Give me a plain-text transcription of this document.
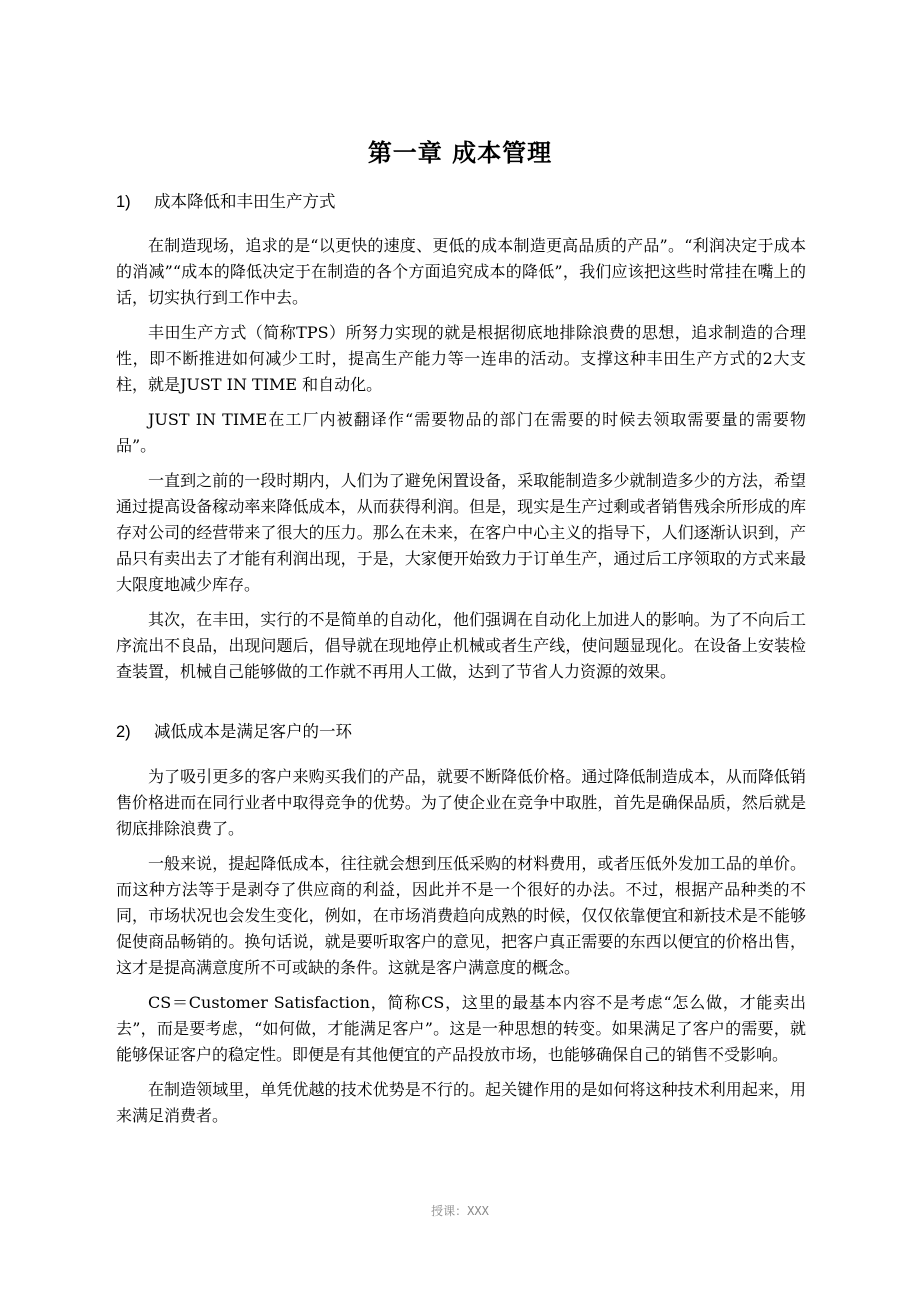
第一章 成本管理
1) 成本降低和丰田生产方式

在制造现场，追求的是“以更快的速度、更低的成本制造更高品质的产品”。“利润决定于成本的消减”“成本的降低决定于在制造的各个方面追究成本的降低”，我们应该把这些时常挂在嘴上的话，切实执行到工作中去。

丰田生产方式（简称TPS）所努力实现的就是根据彻底地排除浪费的思想，追求制造的合理性，即不断推进如何减少工时，提高生产能力等一连串的活动。支撑这种丰田生产方式的2大支柱，就是JUST IN TIME 和自动化。

JUST IN TIME在工厂内被翻译作“需要物品的部门在需要的时候去领取需要量的需要物品”。

一直到之前的一段时期内，人们为了避免闲置设备，采取能制造多少就制造多少的方法，希望通过提高设备稼动率来降低成本，从而获得利润。但是，现实是生产过剩或者销售残余所形成的库存对公司的经营带来了很大的压力。那么在未来，在客户中心主义的指导下，人们逐渐认识到，产品只有卖出去了才能有利润出现，于是，大家便开始致力于订单生产，通过后工序领取的方式来最大限度地减少库存。

其次，在丰田，实行的不是简单的自动化，他们强调在自动化上加进人的影响。为了不向后工序流出不良品，出现问题后，倡导就在现地停止机械或者生产线，使问题显现化。在设备上安装检查装置，机械自己能够做的工作就不再用人工做，达到了节省人力资源的效果。

2) 减低成本是满足客户的一环

为了吸引更多的客户来购买我们的产品，就要不断降低价格。通过降低制造成本，从而降低销售价格进而在同行业者中取得竞争的优势。为了使企业在竞争中取胜，首先是确保品质，然后就是彻底排除浪费了。

一般来说，提起降低成本，往往就会想到压低采购的材料费用，或者压低外发加工品的单价。而这种方法等于是剥夺了供应商的利益，因此并不是一个很好的办法。不过，根据产品种类的不同，市场状况也会发生变化，例如，在市场消费趋向成熟的时候，仅仅依靠便宜和新技术是不能够促使商品畅销的。换句话说，就是要听取客户的意见，把客户真正需要的东西以便宜的价格出售，这才是提高满意度所不可或缺的条件。这就是客户满意度的概念。

CS＝Customer Satisfaction，简称CS，这里的最基本内容不是考虑“怎么做，才能卖出去”，而是要考虑，“如何做，才能满足客户”。这是一种思想的转变。如果满足了客户的需要，就能够保证客户的稳定性。即便是有其他便宜的产品投放市场，也能够确保自己的销售不受影响。

在制造领域里，单凭优越的技术优势是不行的。起关键作用的是如何将这种技术利用起来，用来满足消费者。

授课：XXX
